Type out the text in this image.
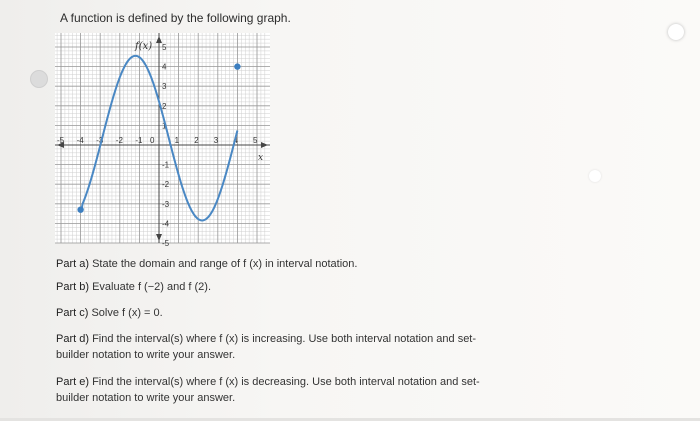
A function is defined by the following graph.
-5 -4 -3 -2 -1 0	1 2 3 4 5
1
2
3
4
5
-1
-2
-3
-4
-5
f(x)
x
Part a) State the domain and range of f (x) in interval notation.
Part b) Evaluate f (−2) and f (2).
Part c) Solve f (x) = 0.
Part d) Find the interval(s) where f (x) is increasing. Use both interval notation and set-builder notation to write your answer.
Part e) Find the interval(s) where f (x) is decreasing. Use both interval notation and set-builder notation to write your answer.
